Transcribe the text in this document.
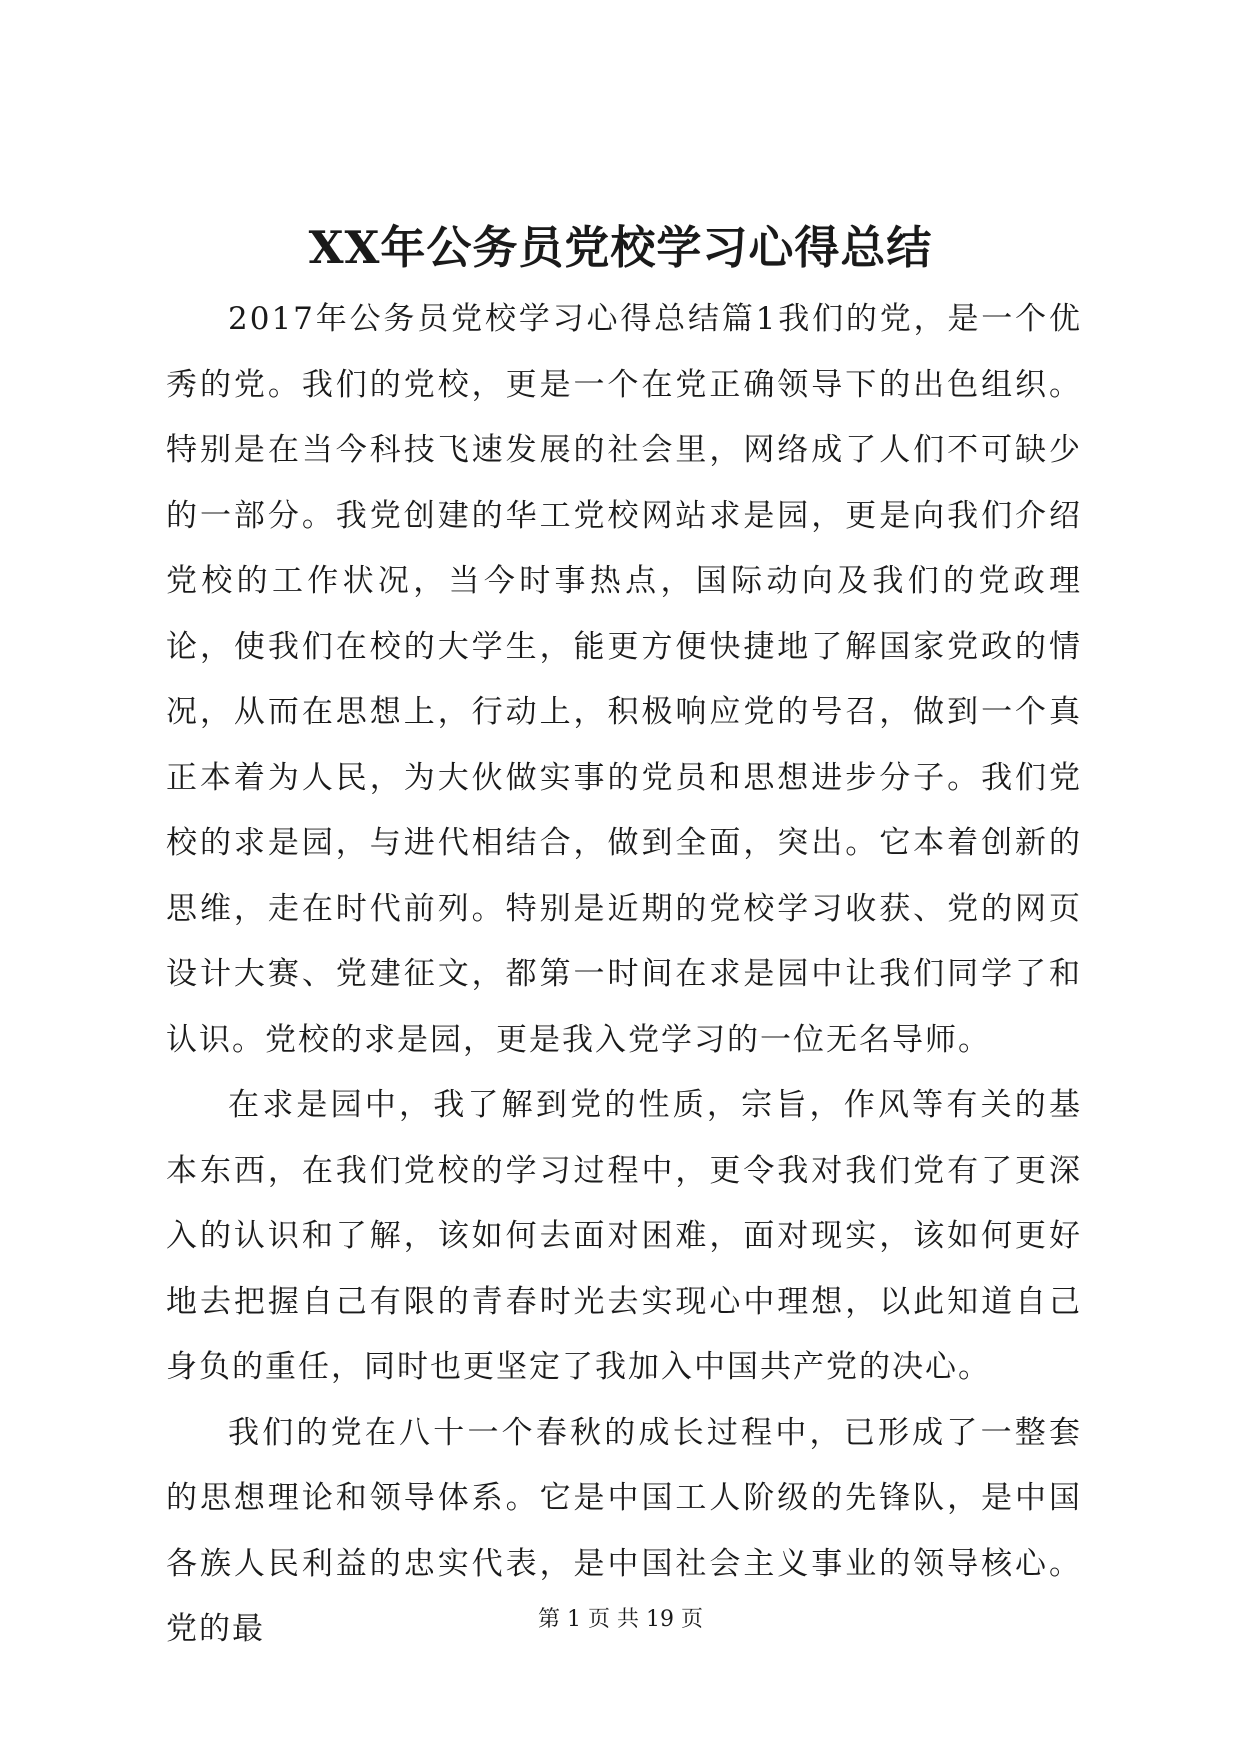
XX年公务员党校学习心得总结

2017年公务员党校学习心得总结篇1我们的党，是一个优秀的党。我们的党校，更是一个在党正确领导下的出色组织。特别是在当今科技飞速发展的社会里，网络成了人们不可缺少的一部分。我党创建的华工党校网站求是园，更是向我们介绍党校的工作状况，当今时事热点，国际动向及我们的党政理论，使我们在校的大学生，能更方便快捷地了解国家党政的情况，从而在思想上，行动上，积极响应党的号召，做到一个真正本着为人民，为大伙做实事的党员和思想进步分子。我们党校的求是园，与进代相结合，做到全面，突出。它本着创新的思维，走在时代前列。特别是近期的党校学习收获、党的网页设计大赛、党建征文，都第一时间在求是园中让我们同学了和认识。党校的求是园，更是我入党学习的一位无名导师。

在求是园中，我了解到党的性质，宗旨，作风等有关的基本东西，在我们党校的学习过程中，更令我对我们党有了更深入的认识和了解，该如何去面对困难，面对现实，该如何更好地去把握自己有限的青春时光去实现心中理想，以此知道自己身负的重任，同时也更坚定了我加入中国共产党的决心。

我们的党在八十一个春秋的成长过程中，已形成了一整套的思想理论和领导体系。它是中国工人阶级的先锋队，是中国各族人民利益的忠实代表，是中国社会主义事业的领导核心。党的最	第 1 页 共 19 页
